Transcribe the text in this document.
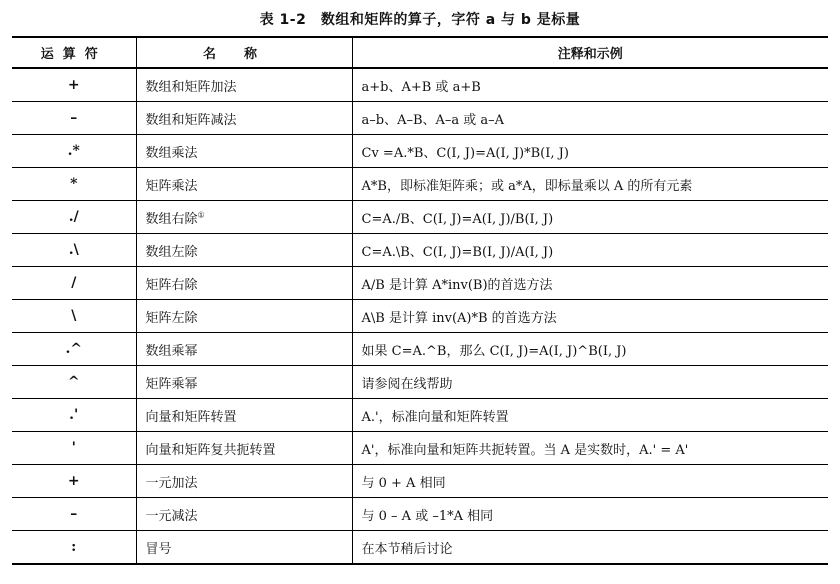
表 1-2　数组和矩阵的算子，字符 a 与 b 是标量
运算符	名称	注释和示例
+	数组和矩阵加法	a+b、A+B 或 a+B
–	数组和矩阵减法	a–b、A–B、A–a 或 a–A
.*	数组乘法	Cv =A.*B、C(I, J)=A(I, J)*B(I, J)
*	矩阵乘法	A*B，即标准矩阵乘；或 a*A，即标量乘以 A 的所有元素
./	数组右除①	C=A./B、C(I, J)=A(I, J)/B(I, J)
.\	数组左除	C=A.\B、C(I, J)=B(I, J)/A(I, J)
/	矩阵右除	A/B 是计算 A*inv(B)的首选方法
\	矩阵左除	A\B 是计算 inv(A)*B 的首选方法
.^	数组乘幂	如果 C=A.^B，那么 C(I, J)=A(I, J)^B(I, J)
^	矩阵乘幂	请参阅在线帮助
.'	向量和矩阵转置	A.'，标准向量和矩阵转置
'	向量和矩阵复共扼转置	A'，标准向量和矩阵共扼转置。当 A 是实数时，A.' = A'
+	一元加法	与 0 + A 相同
–	一元减法	与 0 – A 或 –1*A 相同
:	冒号	在本节稍后讨论
